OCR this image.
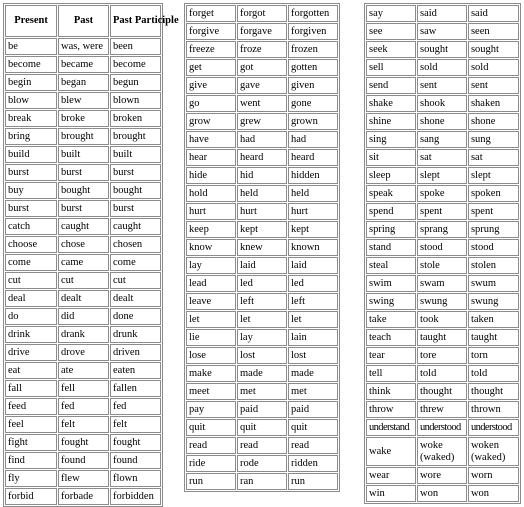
Present	Past	Past Participle
be	was, were	been
become	became	become
begin	began	begun
blow	blew	blown
break	broke	broken
bring	brought	brought
build	built	built
burst	burst	burst
buy	bought	bought
burst	burst	burst
catch	caught	caught
choose	chose	chosen
come	came	come
cut	cut	cut
deal	dealt	dealt
do	did	done
drink	drank	drunk
drive	drove	driven
eat	ate	eaten
fall	fell	fallen
feed	fed	fed
feel	felt	felt
fight	fought	fought
find	found	found
fly	flew	flown
forbid	forbade	forbidden
forget	forgot	forgotten
forgive	forgave	forgiven
freeze	froze	frozen
get	got	gotten
give	gave	given
go	went	gone
grow	grew	grown
have	had	had
hear	heard	heard
hide	hid	hidden
hold	held	held
hurt	hurt	hurt
keep	kept	kept
know	knew	known
lay	laid	laid
lead	led	led
leave	left	left
let	let	let
lie	lay	lain
lose	lost	lost
make	made	made
meet	met	met
pay	paid	paid
quit	quit	quit
read	read	read
ride	rode	ridden
run	ran	run
say	said	said
see	saw	seen
seek	sought	sought
sell	sold	sold
send	sent	sent
shake	shook	shaken
shine	shone	shone
sing	sang	sung
sit	sat	sat
sleep	slept	slept
speak	spoke	spoken
spend	spent	spent
spring	sprang	sprung
stand	stood	stood
steal	stole	stolen
swim	swam	swum
swing	swung	swung
take	took	taken
teach	taught	taught
tear	tore	torn
tell	told	told
think	thought	thought
throw	threw	thrown
understand	understood	understood
wake	woke (waked)	woken (waked)
wear	wore	worn
win	won	won
